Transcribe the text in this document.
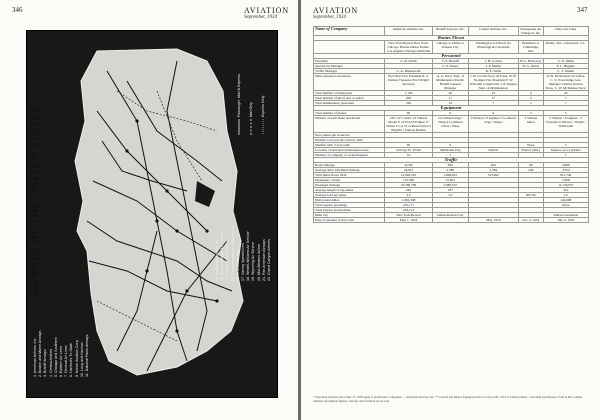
346	AVIATION
September, 1934
1. American Airlines, Inc. 2. Boston and Maine Airways 3. Braniff Airways 4. Central Airlines 5. Chicago and Southern 6. Eastern Air Lines 7. General Air Lines 8. Hanford's Tri-State 9. Kohler Aviation Corp. 10. Long and Harman 11. National Parks Airways
12. Northwest Airlines, Inc. 13. Pacific Seaboard Air Lines 14. Pennsylvania Airlines 15. Transcontinental & Western Air 16. United Air Lines 17. Varney Speed Lines 18. Wedell-Williams Air Service 19. Wyoming Air Service 20. Mid-Western Airline 21. Pan American Airways 22. Grand Canyon Airlines
Passenger, Mail & Express Mail Only Express Only
AIRWAYS OF THE UNITED STATES
AVIATION
September, 1934
347
Name of Company	American Airlines, Inc.	Braniff Airways, Inc.	Central Airlines, Inc.	Chesapeake Air Transport, Inc.	Delta Air Lines
Routes Flown					
	New York-Boston New York-Chicago Boston-Dallas Dallas-Los Angeles Chicago-Nashville	Chicago to Dallas to Kansas City	Washington to Detroit via Pittsburgh & Cleveland	Baltimore to Cambridge, Md.	Dallas, Tex., Charleston, S.C.
Personnel					
President	C. R. Smith	T. E. Braniff	J. H. Cowles	H. L. Holloway	C. E. Smith
Operations Manager		C. E. Beard	J. P. Martin	H. G. Oliver	F. L. Biggins
Traffic Manager	C. A. Rheinstrom		R. E. Wells		C. T. Walker
Other principal executives	Earl Wert Vice President R. S. Damon Treasurer Fred Wright Secretary	A. G. Perry Supt. of Maintenance Paul R. Braniff General Manager	J. H. Cowles Secy. & Treas. W. B. Norman Vice President F. W. Witcomb Comptroller J. P. Wagner Supt. of Maintenance		W. R. Richardson Vice-Pres. C. V. Wooldridge Gen. Manager Charles Dolson Treas. C. W. McKinnon Secy.
Total number of employees	1,129	40	43	4	43
Total number of pilots and co-pilots	200	17	17	2	7
Total maintenance personnel	220	18	7	1	7
Equipment					
Total number of planes	85	9	9	2	5
Number of each make and model	28 C-W Condor 13 Stinson Model U 10 Ford 8 Fokker 17 Vultee V-1A 5 Lockheed Orion 3 Pilgrim 1 Stinson Reliant	5 Lockheed Vega / Wasp 4 Lockheed Orion / Wasp	9 Stinson / 6 engines 2 Lockheed Vega / Wasps	2 Stinson Junior	5 Stinson / 6 engines / 3 Travelair 9 Stinson / Wright / Whirlwind
New planes put in service					
Number to be put into service 1935					
Number with 2-way radio	85	9		None	5
Location of principal maintenance base	Chicago Ft. Worth	Oklahoma City	Detroit	Easton, (Md.)	Monroe, (La.) Atlanta
Number of company or owned hangars	16	1			1
Traffic					
Route mileage	6,236	902	464	68	2,896
Average daily scheduled mileage	26,931	2,580	2,584	436	2,554
Total miles flown 1934	12,963,181	1,899,812	513,092		811,746
Passengers carried	125,599	15,961			1,898
Passenger mileage	35,589,796	2,984,537			11,749,057
Average length of trip-miles	283	187			310
Average load per plane	2.5	3.2		500 lbs	1.2
Mail pound-miles	1,962,368				142,998
Total express poundage	219,177				None
Total express pound-miles	224,174				
Main city	New York-Boston	Dallas-Kansas City			Dallas-Charleston
Date of opening of this route	May 1, 1934		May, 1934	Oct. 4, 1934	July 4, 1934
* Operating statistics since May 15, 1934 apply to predecessor companies — American Airways, Inc. ** Central and Inland. Equipped with two-way radio; 10% of Central planes. † Air Mail and Express. Total in this column estimate. Incomplete figures, Chicago and Southern not in total.
